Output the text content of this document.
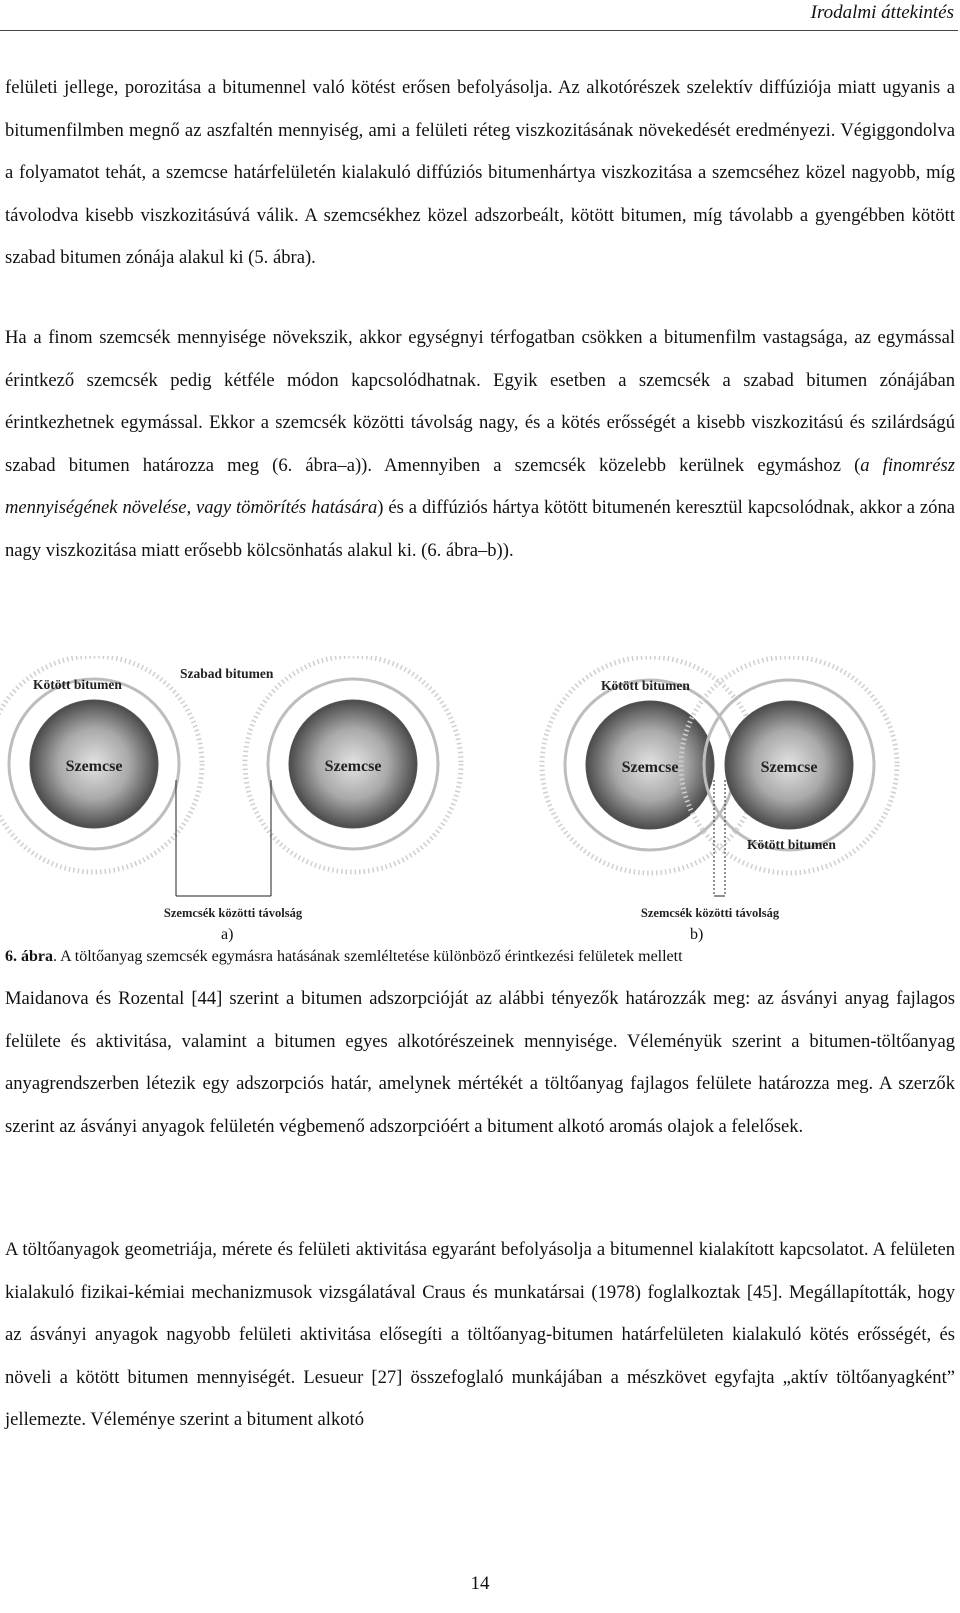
Irodalmi áttekintés

felületi jellege, porozitása a bitumennel való kötést erősen befolyásolja. Az alkotórészek szelektív diffúziója miatt ugyanis a bitumenfilmben megnő az aszfaltén mennyiség, ami a felületi réteg viszkozitásának növekedését eredményezi. Végiggondolva a folyamatot tehát, a szemcse határfelületén kialakuló diffúziós bitumenhártya viszkozitása a szemcséhez közel nagyobb, míg távolodva kisebb viszkozitásúvá válik. A szemcsékhez közel adszorbeált, kötött bitumen, míg távolabb a gyengébben kötött szabad bitumen zónája alakul ki (5. ábra).

Ha a finom szemcsék mennyisége növekszik, akkor egységnyi térfogatban csökken a bitumenfilm vastagsága, az egymással érintkező szemcsék pedig kétféle módon kapcsolódhatnak. Egyik esetben a szemcsék a szabad bitumen zónájában érintkezhetnek egymással. Ekkor a szemcsék közötti távolság nagy, és a kötés erősségét a kisebb viszkozitású és szilárdságú szabad bitumen határozza meg (6. ábra–a)). Amennyiben a szemcsék közelebb kerülnek egymáshoz (a finomrész mennyiségének növelése, vagy tömörítés hatására) és a diffúziós hártya kötött bitumenén keresztül kapcsolódnak, akkor a zóna nagy viszkozitása miatt erősebb kölcsönhatás alakul ki. (6. ábra–b)).

Szemcse
Kötött bitumen
Szemcse
Szabad bitumen
Szemcsék közötti távolság
Szemcse
Kötött bitumen
Szemcse
Kötött bitumen
Szemcsék közötti távolság
a)	b)
6. ábra. A töltőanyag szemcsék egymásra hatásának szemléltetése különböző érintkezési felületek mellett

Maidanova és Rozental [44] szerint a bitumen adszorpcióját az alábbi tényezők határozzák meg: az ásványi anyag fajlagos felülete és aktivitása, valamint a bitumen egyes alkotórészeinek mennyisége. Véleményük szerint a bitumen-töltőanyag anyagrendszerben létezik egy adszorpciós határ, amelynek mértékét a töltőanyag fajlagos felülete határozza meg. A szerzők szerint az ásványi anyagok felületén végbemenő adszorpcióért a bitument alkotó aromás olajok a felelősek.

A töltőanyagok geometriája, mérete és felületi aktivitása egyaránt befolyásolja a bitumennel kialakított kapcsolatot. A felületen kialakuló fizikai-kémiai mechanizmusok vizsgálatával Craus és munkatársai (1978) foglalkoztak [45]. Megállapították, hogy az ásványi anyagok nagyobb felületi aktivitása elősegíti a töltőanyag-bitumen határfelületen kialakuló kötés erősségét, és növeli a kötött bitumen mennyiségét. Lesueur [27] összefoglaló munkájában a mészkövet egyfajta „aktív töltőanyagként” jellemezte. Véleménye szerint a bitument alkotó

14
